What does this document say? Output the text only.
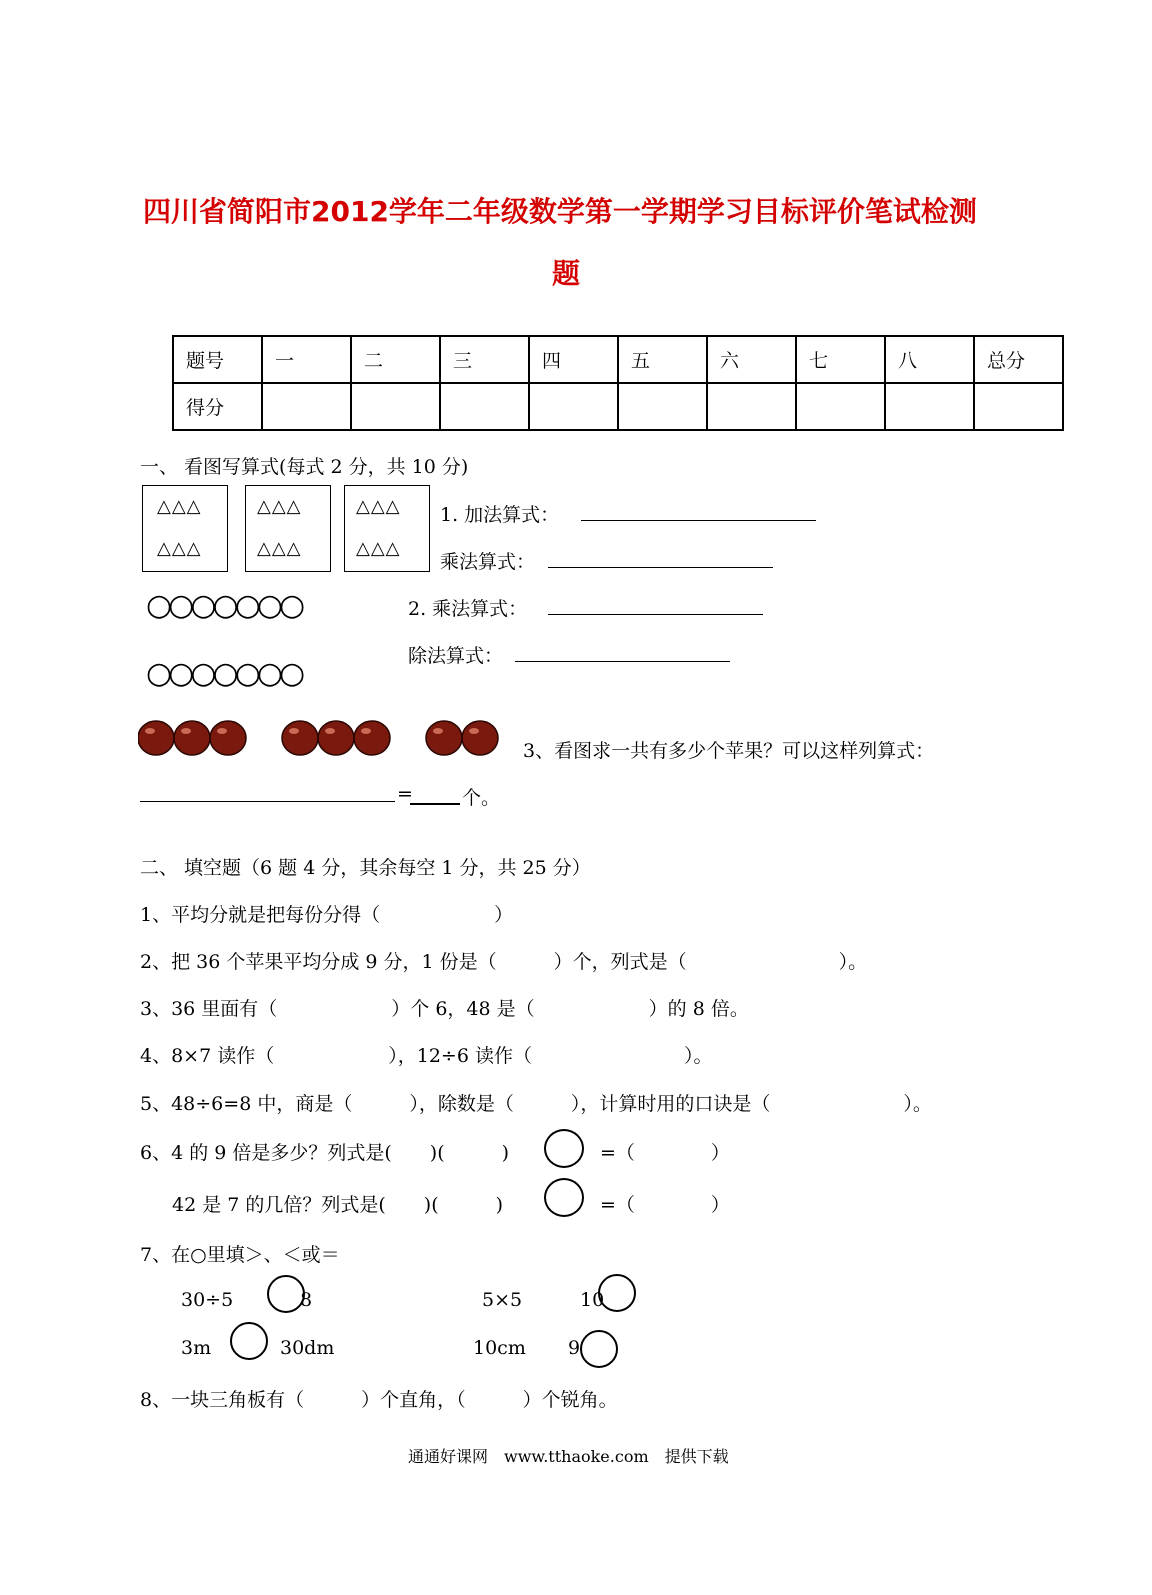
四川省简阳市2012学年二年级数学第一学期学习目标评价笔试检测
题
题号	一	二	三	四	五	六	七	八	总分
得分									
一、 看图写算式(每式 2 分，共 10 分)
△△△
△△△
△△△
△△△
△△△
△△△
1. 加法算式：
乘法算式：
○○○○○○○
○○○○○○○
2. 乘法算式：
除法算式：
3、看图求一共有多少个苹果？可以这样列算式：
=	个。
二、 填空题（6 题 4 分，其余每空 1 分，共 25 分）
1、平均分就是把每份分得（　　　　　　）
2、把 36 个苹果平均分成 9 分，1 份是（　　　）个，列式是（　　　　　　　　）。
3、36 里面有（　　　　　　）个 6，48 是（　　　　　　）的 8 倍。
4、8×7 读作（　　　　　　），12÷6 读作（　　　　　　　　）。
5、48÷6=8 中，商是（　　　），除数是（　　　），计算时用的口诀是（　　　　　　　）。
6、4 的 9 倍是多少？列式是(　　)(　　　)	=（　　　　）
42 是 7 的几倍？列式是(　　)(　　　)	=（　　　　）
7、在○里填＞、＜或＝
30÷5	8	5×5	10
3m	30dm	10cm 9
8、一块三角板有（　　　）个直角，（　　　）个锐角。
通通好课网　www.tthaoke.com　提供下载
